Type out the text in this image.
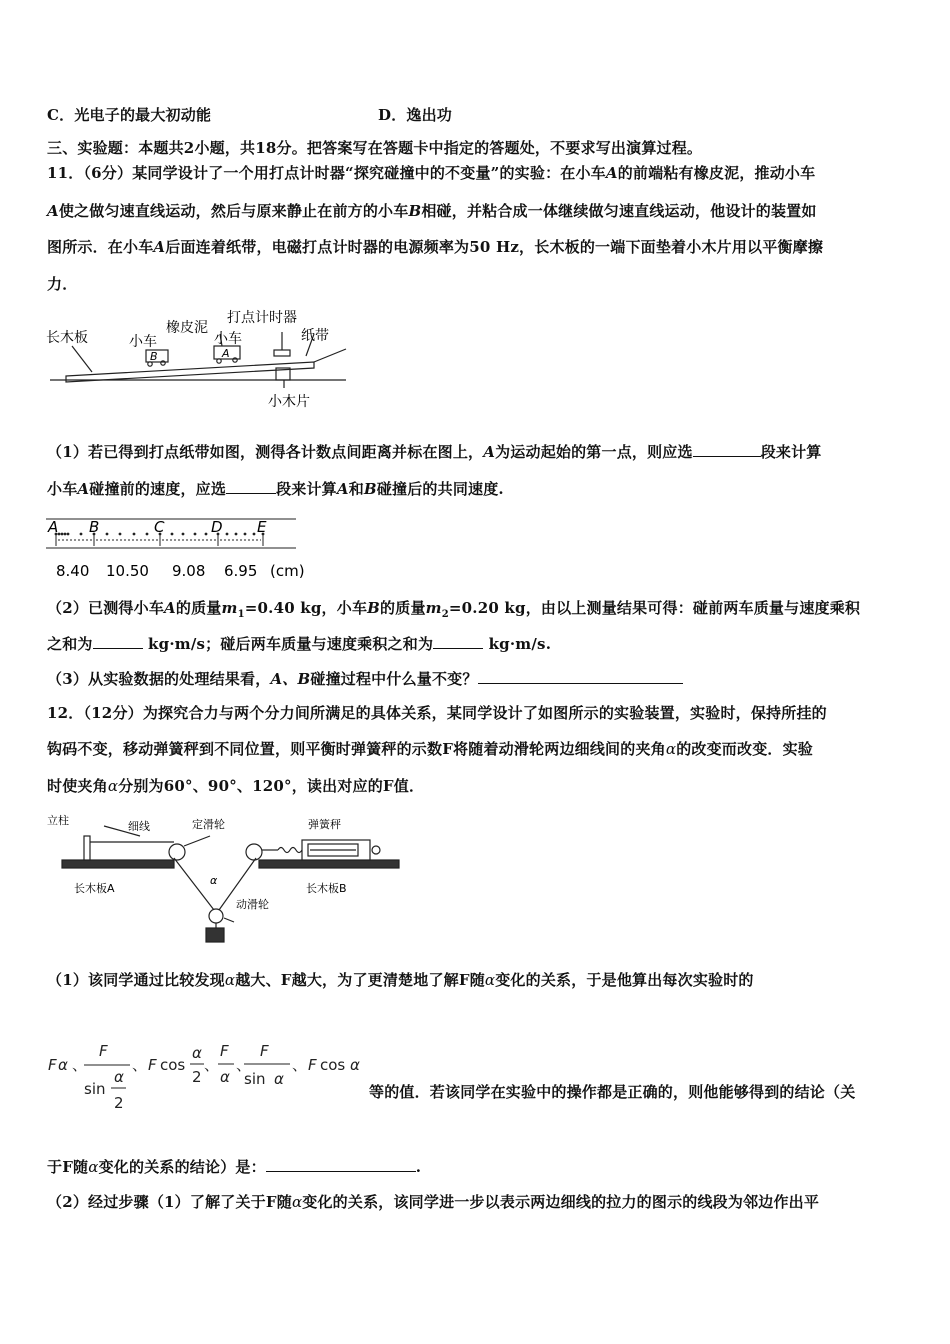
C．光电子的最大初动能	D．逸出功
三、实验题：本题共2小题，共18分。把答案写在答题卡中指定的答题处，不要求写出演算过程。
11．（6分）某同学设计了一个用打点计时器“探究碰撞中的不变量”的实验：在小车A的前端粘有橡皮泥，推动小车
A使之做匀速直线运动，然后与原来静止在前方的小车B相碰，并粘合成一体继续做匀速直线运动，他设计的装置如
图所示．在小车A后面连着纸带，电磁打点计时器的电源频率为50 Hz，长木板的一端下面垫着小木片用以平衡摩擦
力．
长木板	小车
B
橡皮泥
小车
A
打点计时器
纸带
小木片
（1）若已得到打点纸带如图，测得各计数点间距离并标在图上，A为运动起始的第一点，则应选	段来计算
小车A碰撞前的速度，应选	段来计算A和B碰撞后的共同速度.
A B	C	D E
8.40 10.50 9.08 6.95 (cm)
（2）已测得小车A的质量$m_1=0.40$ kg，小车B的质量$m_2=0.20$ kg，由以上测量结果可得：碰前两车质量与速度乘积
之和为	kg·m/s；碰后两车质量与速度乘积之和为	kg·m/s.
（3）从实验数据的处理结果看，A、B碰撞过程中什么量不变？
12．（12分）为探究合力与两个分力间所满足的具体关系，某同学设计了如图所示的实验装置，实验时，保持所挂的
钩码不变，移动弹簧秤到不同位置，则平衡时弹簧秤的示数F将随着动滑轮两边细线间的夹角α的改变而改变．实验
时使夹角α分别为60°、90°、120°，读出对应的F值．
立柱	细线	定滑轮	弹簧秤
长木板A
α
动滑轮
长木板B
（1）该同学通过比较发现α越大、F越大，为了更清楚地了解F随α变化的关系，于是他算出每次实验时的
F α 、
F
sin
α
2
、 F cos
α
2
、
F
α
、
F
sin α
、 F cos α
等的值．若该同学在实验中的操作都是正确的，则他能够得到的结论（关
于F随α变化的关系的结论）是：	.
（2）经过步骤（1）了解了关于F随α变化的关系，该同学进一步以表示两边细线的拉力的图示的线段为邻边作出平
